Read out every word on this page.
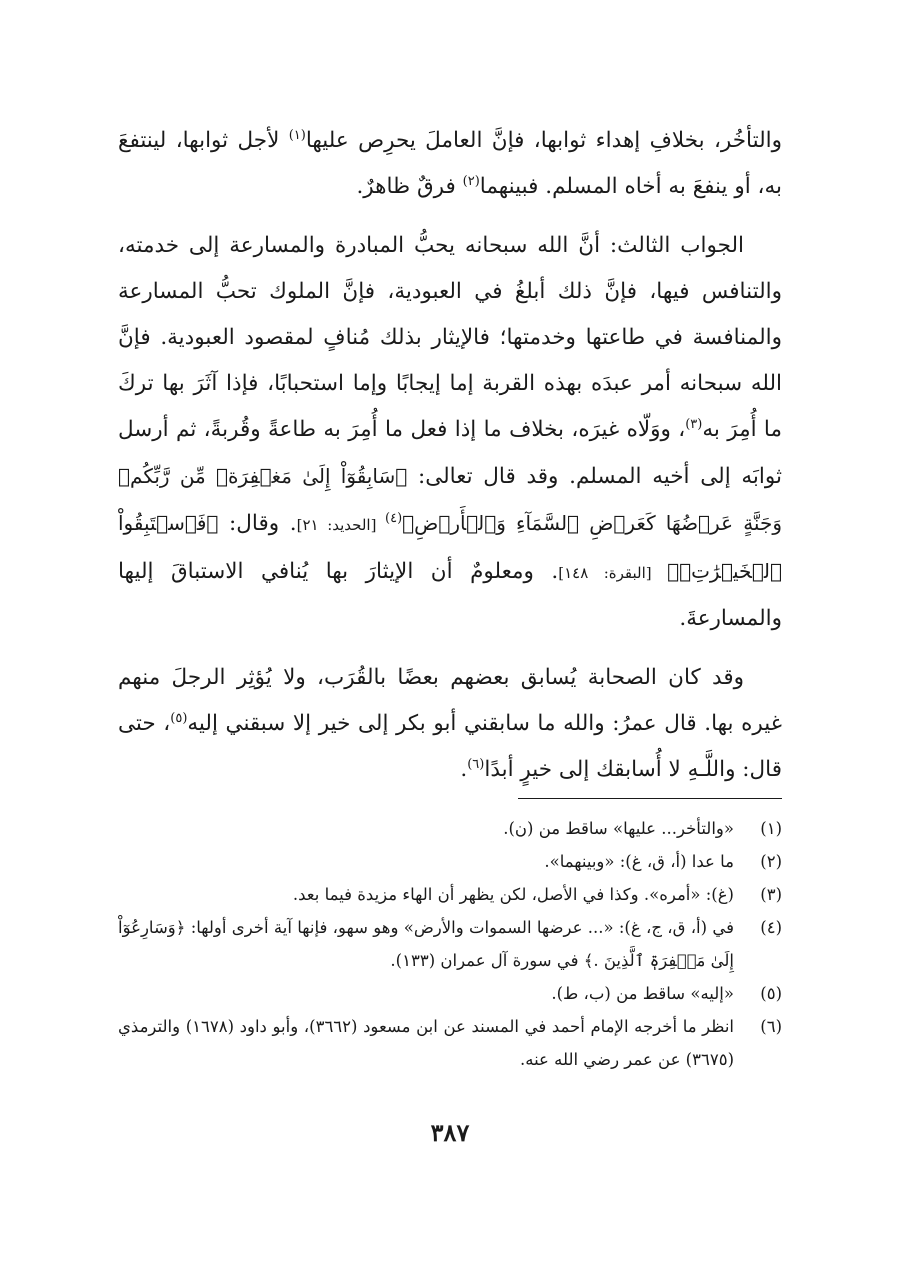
والتأخُر، بخلافِ إهداء ثوابها، فإنَّ العاملَ يحرِص عليها$^{(١)}$ لأجل ثوابها، لينتفعَ به، أو ينفعَ به أخاه المسلم. فبينهما$^{(٢)}$ فرقٌ ظاهرٌ.

الجواب الثالث: أنَّ الله سبحانه يحبُّ المبادرة والمسارعة إلى خدمته، والتنافس فيها، فإنَّ ذلك أبلغُ في العبودية، فإنَّ الملوك تحبُّ المسارعة والمنافسة في طاعتها وخدمتها؛ فالإيثار بذلك مُنافٍ لمقصود العبودية. فإنَّ الله سبحانه أمر عبدَه بهذه القربة إما إيجابًا وإما استحبابًا، فإذا آثَرَ بها تركَ ما أُمِرَ به$^{(٣)}$، ووَلّاه غيرَه، بخلاف ما إذا فعل ما أُمِرَ به طاعةً وقُربةً، ثم أرسل ثوابَه إلى أخيه المسلم. وقد قال تعالى: ﴿سَابِقُوٓاْ إِلَىٰ مَغۡفِرَةٖ مِّن رَّبِّكُمۡ وَجَنَّةٍ عَرۡضُهَا كَعَرۡضِ ٱلسَّمَآءِ وَٱلۡأَرۡضِ﴾$^{(٤)}$ [الحديد: ٢١]. وقال: ﴿فَٱسۡتَبِقُواْ ٱلۡخَيۡرَٰتِۚ﴾ [البقرة: ١٤٨]. ومعلومٌ أن الإيثارَ بها يُنافي الاستباقَ إليها والمسارعةَ.

وقد كان الصحابة يُسابق بعضهم بعضًا بالقُرَب، ولا يُؤثِر الرجلَ منهم غيره بها. قال عمرُ: والله ما سابقني أبو بكر إلى خير إلا سبقني إليه$^{(٥)}$، حتى قال: واللَّـهِ لا أُسابقك إلى خيرٍ أبدًا$^{(٦)}$.

(١)
«والتأخر... عليها» ساقط من (ن).
(٢)
ما عدا (أ، ق، غ): «وبينهما».
(٣)
(غ): «أمره». وكذا في الأصل، لكن يظهر أن الهاء مزيدة فيما بعد.
(٤)
في (أ، ق، ج، غ): «... عرضها السموات والأرض» وهو سهو، فإنها آية أخرى أولها: ﴿وَسَارِعُوٓاْ إِلَىٰ مَغۡفِرَةٖ ٱلَّذِينَ .﴾ في سورة آل عمران (١٣٣).
(٥)
«إليه» ساقط من (ب، ط).
(٦)
انظر ما أخرجه الإمام أحمد في المسند عن ابن مسعود (٣٦٦٢)، وأبو داود (١٦٧٨) والترمذي (٣٦٧٥) عن عمر رضي الله عنه.
٣٨٧
